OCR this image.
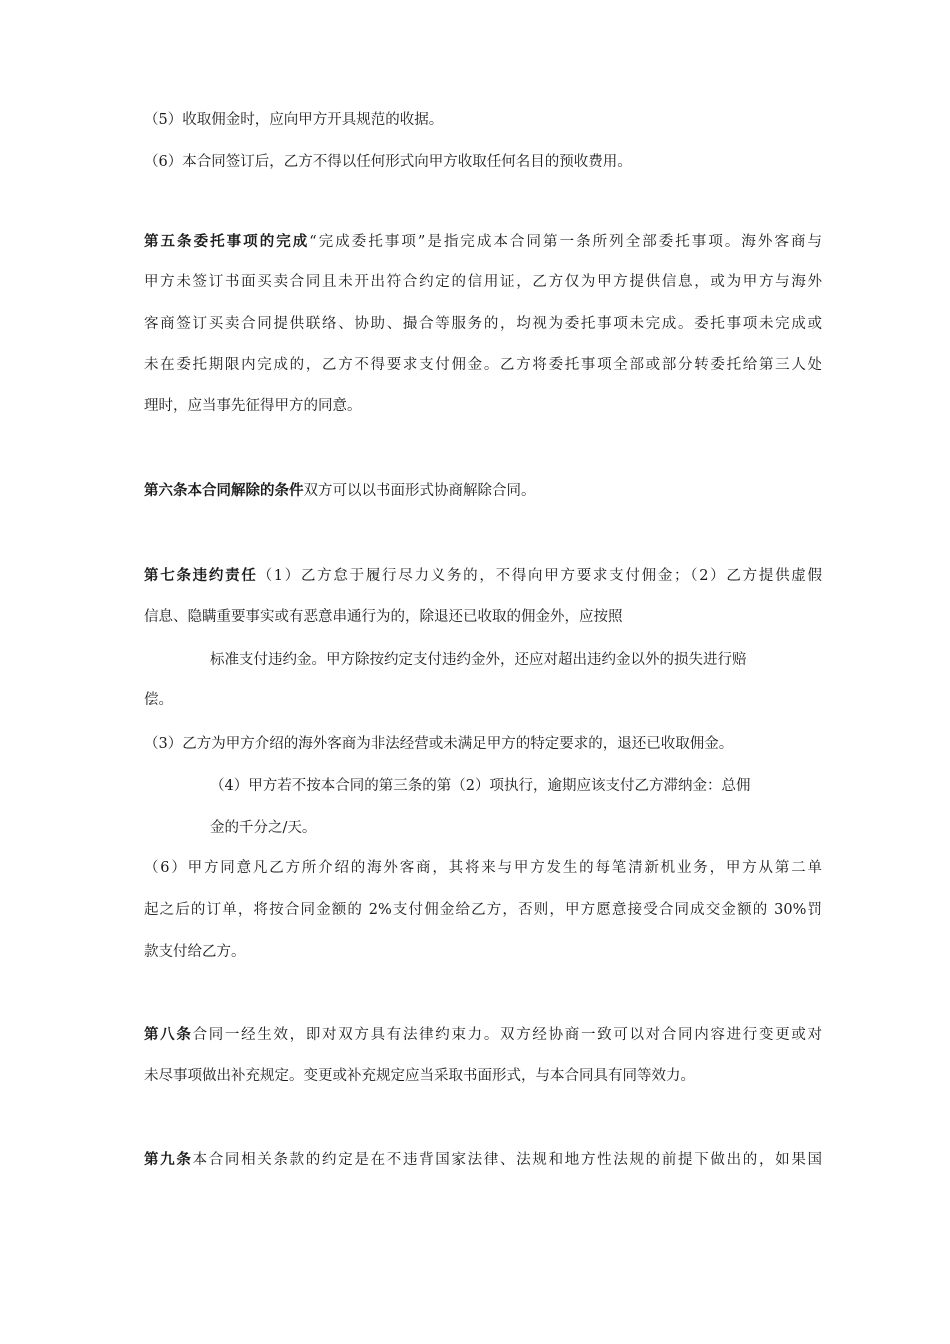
（5）收取佣金时，应向甲方开具规范的收据。
（6）本合同签订后，乙方不得以任何形式向甲方收取任何名目的预收费用。
第五条委托事项的完成“完成委托事项”是指完成本合同第一条所列全部委托事项。海外客商与
甲方未签订书面买卖合同且未开出符合约定的信用证，乙方仅为甲方提供信息，或为甲方与海外
客商签订买卖合同提供联络、协助、撮合等服务的，均视为委托事项未完成。委托事项未完成或
未在委托期限内完成的，乙方不得要求支付佣金。乙方将委托事项全部或部分转委托给第三人处
理时，应当事先征得甲方的同意。
第六条本合同解除的条件双方可以以书面形式协商解除合同。
第七条违约责任（1）乙方怠于履行尽力义务的，不得向甲方要求支付佣金；（2）乙方提供虚假
信息、隐瞒重要事实或有恶意串通行为的，除退还已收取的佣金外，应按照
标准支付违约金。甲方除按约定支付违约金外，还应对超出违约金以外的损失进行赔
偿。
（3）乙方为甲方介绍的海外客商为非法经营或未满足甲方的特定要求的，退还已收取佣金。
（4）甲方若不按本合同的第三条的第（2）项执行，逾期应该支付乙方滞纳金：总佣
金的千分之/天。
（6）甲方同意凡乙方所介绍的海外客商，其将来与甲方发生的每笔清新机业务，甲方从第二单
起之后的订单，将按合同金额的 2%支付佣金给乙方，否则，甲方愿意接受合同成交金额的 30%罚
款支付给乙方。
第八条合同一经生效，即对双方具有法律约束力。双方经协商一致可以对合同内容进行变更或对
未尽事项做出补充规定。变更或补充规定应当采取书面形式，与本合同具有同等效力。
第九条本合同相关条款的约定是在不违背国家法律、法规和地方性法规的前提下做出的，如果国
